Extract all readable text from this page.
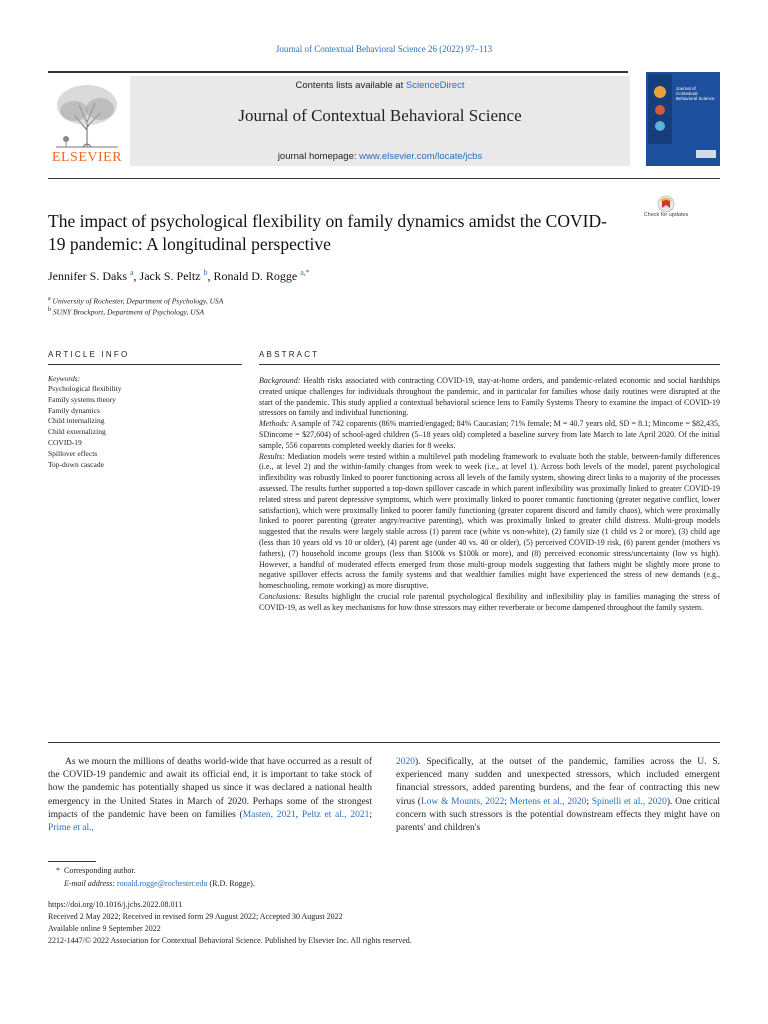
Journal of Contextual Behavioral Science 26 (2022) 97–113
ELSEVIER
Contents lists available at ScienceDirect
Journal of Contextual Behavioral Science
journal homepage: www.elsevier.com/locate/jcbs
Journal of Contextual Behavioral Science
The impact of psychological flexibility on family dynamics amidst the COVID-19 pandemic: A longitudinal perspective
Check for updates
Jennifer S. Daks $^a$, Jack S. Peltz $^b$, Ronald D. Rogge $^{a,*}$
$^a$ University of Rochester, Department of Psychology, USA
$^b$ SUNY Brockport, Department of Psychology, USA
ARTICLE INFO
Keywords:
Psychological flexibility
Family systems theory
Family dynamics
Child internalizing
Child externalizing
COVID-19
Spillover effects
Top-down cascade
ABSTRACT

Background: Health risks associated with contracting COVID-19, stay-at-home orders, and pandemic-related economic and social hardships created unique challenges for individuals throughout the pandemic, and in particular for families whose daily routines were disrupted at the start of the pandemic. This study applied a contextual behavioral science lens to Family Systems Theory to examine the impact of COVID-19 stressors on family and individual functioning.

Methods: A sample of 742 coparents (86% married/engaged; 84% Caucasian; 71% female; M = 40.7 years old, SD = 8.1; Mincome = $82,435, SDincome = $27,604) of school-aged children (5–18 years old) completed a baseline survey from late March to late April 2020. Of the initial sample, 556 coparents completed weekly diaries for 8 weeks.

Results: Mediation models were tested within a multilevel path modeling framework to evaluate both the stable, between-family differences (i.e., at level 2) and the within-family changes from week to week (i.e., at level 1). Across both levels of the model, parent psychological inflexibility was robustly linked to poorer functioning across all levels of the family system, showing direct links to a majority of the processes assessed. The results further supported a top-down spillover cascade in which parent inflexibility was proximally linked to greater COVID-19 related stress and parent depressive symptoms, which were proximally linked to poorer romantic functioning (greater negative conflict, lower satisfaction), which were proximally linked to poorer family functioning (greater coparent discord and family chaos), which were proximally linked to poorer parenting (greater angry/reactive parenting), which was proximally linked to greater child distress. Multi-group models suggested that the results were largely stable across (1) parent race (white vs non-white), (2) family size (1 child vs 2 or more), (3) child age (less than 10 years old vs 10 or older), (4) parent age (under 40 vs. 40 or older), (5) perceived COVID-19 risk, (6) parent gender (mothers vs fathers), (7) household income groups (less than $100k vs $100k or more), and (8) perceived economic stress/uncertainty (low vs high). However, a handful of moderated effects emerged from those multi-group models suggesting that fathers might be slightly more prone to negative spillover effects across the family systems and that wealthier families might have experienced the stress of new demands (e.g., homeschooling, remote working) as more disruptive.

Conclusions: Results highlight the crucial role parental psychological flexibility and inflexibility play in families managing the stress of COVID-19, as well as key mechanisms for how those stressors may either reverberate or become dampened throughout the family system.

As we mourn the millions of deaths world-wide that have occurred as a result of the COVID-19 pandemic and await its official end, it is important to take stock of how the pandemic has potentially shaped us since it was declared a national health emergency in the United States in March of 2020. Perhaps some of the strongest impacts of the pandemic have been on families (Masten, 2021, Peltz et al., 2021; Prime et al.,

2020). Specifically, at the outset of the pandemic, families across the U. S. experienced many sudden and unexpected stressors, which included emergent financial stressors, added parenting burdens, and the fear of contracting this new virus (Low & Mounts, 2022; Mertens et al., 2020; Spinelli et al., 2020). One critical concern with such stressors is the potential downstream effects they might have on parents' and children's

* Corresponding author.
E-mail address: ronald.rogge@rochester.edu (R.D. Rogge).
https://doi.org/10.1016/j.jcbs.2022.08.011
Received 2 May 2022; Received in revised form 29 August 2022; Accepted 30 August 2022
Available online 9 September 2022
2212-1447/© 2022 Association for Contextual Behavioral Science. Published by Elsevier Inc. All rights reserved.
